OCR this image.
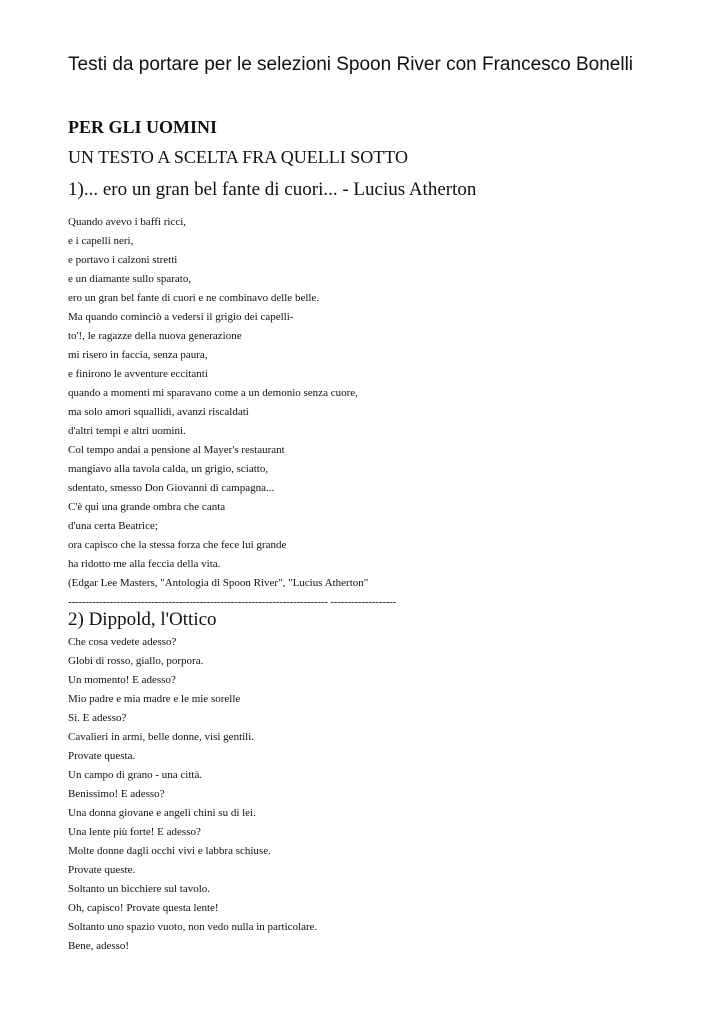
Testi da portare per le selezioni Spoon River con Francesco Bonelli
PER GLI UOMINI
UN TESTO A SCELTA FRA QUELLI SOTTO
1)... ero un gran bel fante di cuori... - Lucius Atherton
Quando avevo i baffi ricci,
e i capelli neri,
e portavo i calzoni stretti
e un diamante sullo sparato,
ero un gran bel fante di cuori e ne combinavo delle belle.
Ma quando cominciò a vedersi il grigio dei capelli-
to'!, le ragazze della nuova generazione
mi risero in faccia, senza paura,
e finirono le avventure eccitanti
quando a momenti mi sparavano come a un demonio senza cuore,
ma solo amori squallidi, avanzi riscaldati
d'altri tempi e altri uomini.
Col tempo andai a pensione al Mayer's restaurant
mangiavo alla tavola calda, un grigio, sciatto,
sdentato, smesso Don Giovanni di campagna...
C'è qui una grande ombra che canta
d'una certa Beatrice;
ora capisco che la stessa forza che fece lui grande
ha ridotto me alla feccia della vita.
(Edgar Lee Masters, "Antologia di Spoon River", "Lucius Atherton"
--------------------------------------------------------------------------- -------------------
2) Dippold, l'Ottico
Che cosa vedete adesso?
Globi di rosso, giallo, porpora.
Un momento! E adesso?
Mio padre e mia madre e le mie sorelle
Sì. E adesso?
Cavalieri in armi, belle donne, visi gentili.
Provate questa.
Un campo di grano - una città.
Benissimo! E adesso?
Una donna giovane e angeli chini su di lei.
Una lente più forte! E adesso?
Molte donne dagli occhi vivi e labbra schiuse.
Provate queste.
Soltanto un bicchiere sul tavolo.
Oh, capisco! Provate questa lente!
Soltanto uno spazio vuoto, non vedo nulla in particolare.
Bene, adesso!
